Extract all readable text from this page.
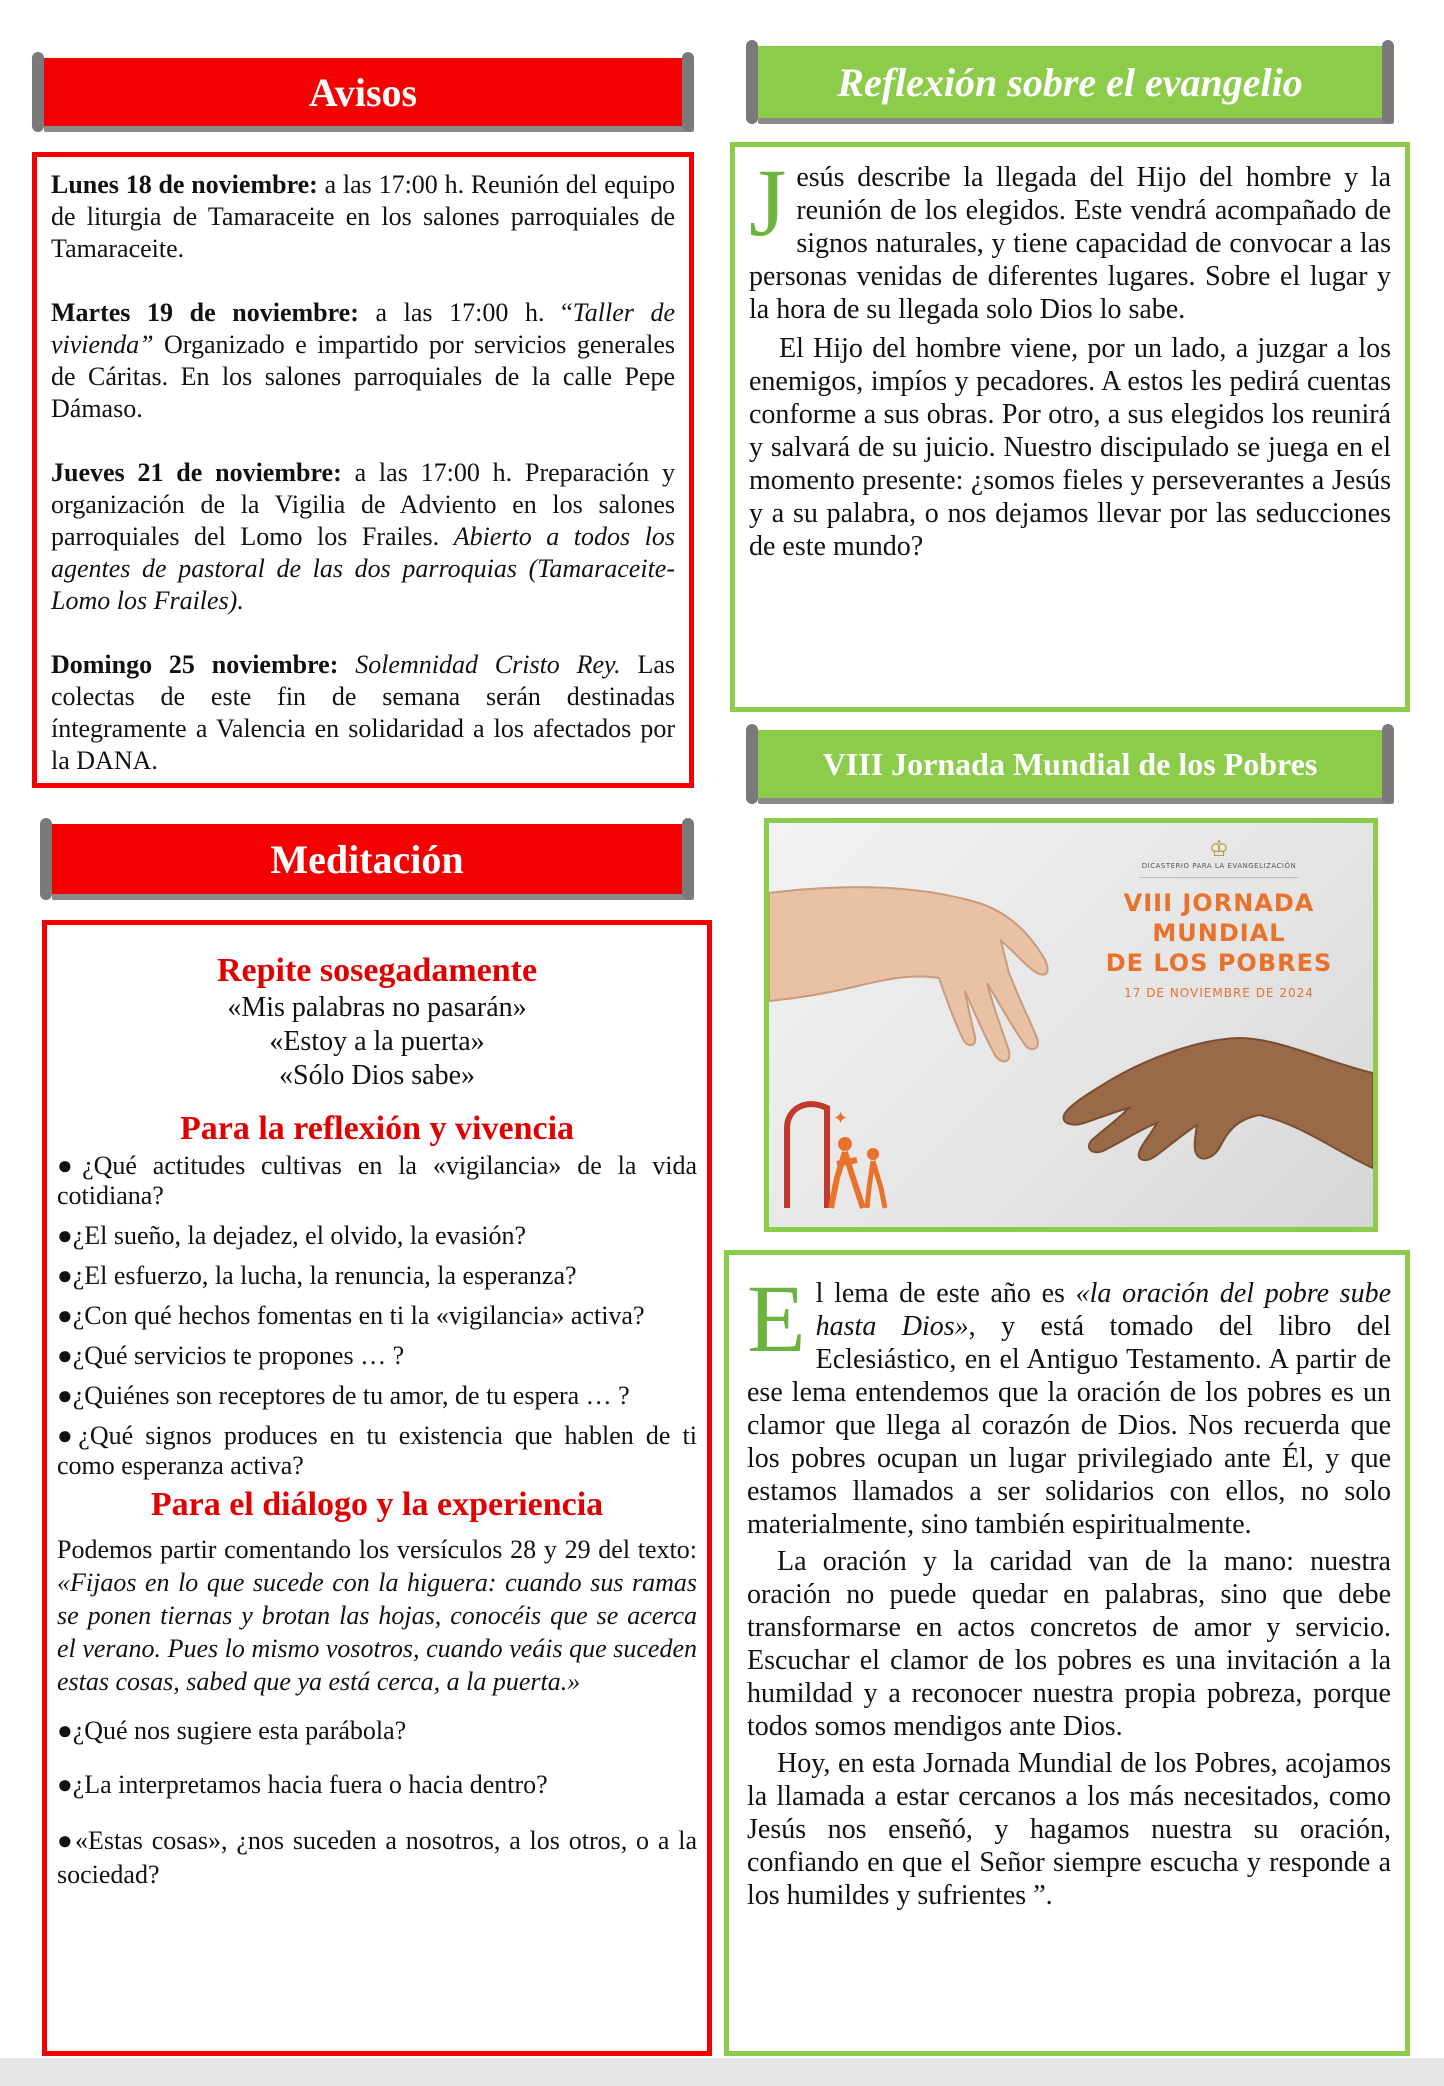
Avisos

Lunes 18 de noviembre: a las 17:00 h. Reunión del equipo de liturgia de Tamaraceite en los salones parroquiales de Tamaraceite.

Martes 19 de noviembre: a las 17:00 h. “Taller de vivienda” Organizado e impartido por servicios generales de Cáritas. En los salones parroquiales de la calle Pepe Dámaso.

Jueves 21 de noviembre: a las 17:00 h. Preparación y organización de la Vigilia de Adviento en los salones parroquiales del Lomo los Frailes. Abierto a todos los agentes de pastoral de las dos parroquias (Tamaraceite- Lomo los Frailes).

Domingo 25 noviembre: Solemnidad Cristo Rey. Las colectas de este fin de semana serán destinadas íntegramente a Valencia en solidaridad a los afectados por la DANA.

Meditación

Repite sosegadamente

«Mis palabras no pasarán»

«Estoy a la puerta»

«Sólo Dios sabe»

Para la reflexión y vivencia

●¿Qué actitudes cultivas en la «vigilancia» de la vida cotidiana?

●¿El sueño, la dejadez, el olvido, la evasión?

●¿El esfuerzo, la lucha, la renuncia, la esperanza?

●¿Con qué hechos fomentas en ti la «vigilancia» activa?

●¿Qué servicios te propones … ?

●¿Quiénes son receptores de tu amor, de tu espera … ?

●¿Qué signos produces en tu existencia que hablen de ti como esperanza activa?

Para el diálogo y la experiencia

Podemos partir comentando los versículos 28 y 29 del texto: «Fijaos en lo que sucede con la higuera: cuando sus ramas se ponen tiernas y brotan las hojas, conocéis que se acerca el verano. Pues lo mismo vosotros, cuando veáis que suceden estas cosas, sabed que ya está cerca, a la puerta.»

●¿Qué nos sugiere esta parábola?

●¿La interpretamos hacia fuera o hacia dentro?

●«Estas cosas», ¿nos suceden a nosotros, a los otros, o a la sociedad?

Reflexión sobre el evangelio

Jesús describe la llegada del Hijo del hombre y la reunión de los elegidos. Este vendrá acompañado de signos naturales, y tiene capacidad de convocar a las personas venidas de diferentes lugares. Sobre el lugar y la hora de su llegada solo Dios lo sabe.

El Hijo del hombre viene, por un lado, a juzgar a los enemigos, impíos y pecadores. A estos les pedirá cuentas conforme a sus obras. Por otro, a sus elegidos los reunirá y salvará de su juicio. Nuestro discipulado se juega en el momento presente: ¿somos fieles y perseverantes a Jesús y a su palabra, o nos dejamos llevar por las seducciones de este mundo?

VIII Jornada Mundial de los Pobres
✦
♔
DICASTERIO PARA LA EVANGELIZACIÓN
VIII JORNADA MUNDIAL
DE LOS POBRES
17 DE NOVIEMBRE DE 2024

El lema de este año es «la oración del pobre sube hasta Dios», y está tomado del libro del Eclesiástico, en el Antiguo Testamento. A partir de ese lema entendemos que la oración de los pobres es un clamor que llega al corazón de Dios. Nos recuerda que los pobres ocupan un lugar privilegiado ante Él, y que estamos llamados a ser solidarios con ellos, no solo materialmente, sino también espiritualmente.

La oración y la caridad van de la mano: nuestra oración no puede quedar en palabras, sino que debe transformarse en actos concretos de amor y servicio. Escuchar el clamor de los pobres es una invitación a la humildad y a reconocer nuestra propia pobreza, porque todos somos mendigos ante Dios.

Hoy, en esta Jornada Mundial de los Pobres, acojamos la llamada a estar cercanos a los más necesitados, como Jesús nos enseñó, y hagamos nuestra su oración, confiando en que el Señor siempre escucha y responde a los humildes y sufrientes ”.
